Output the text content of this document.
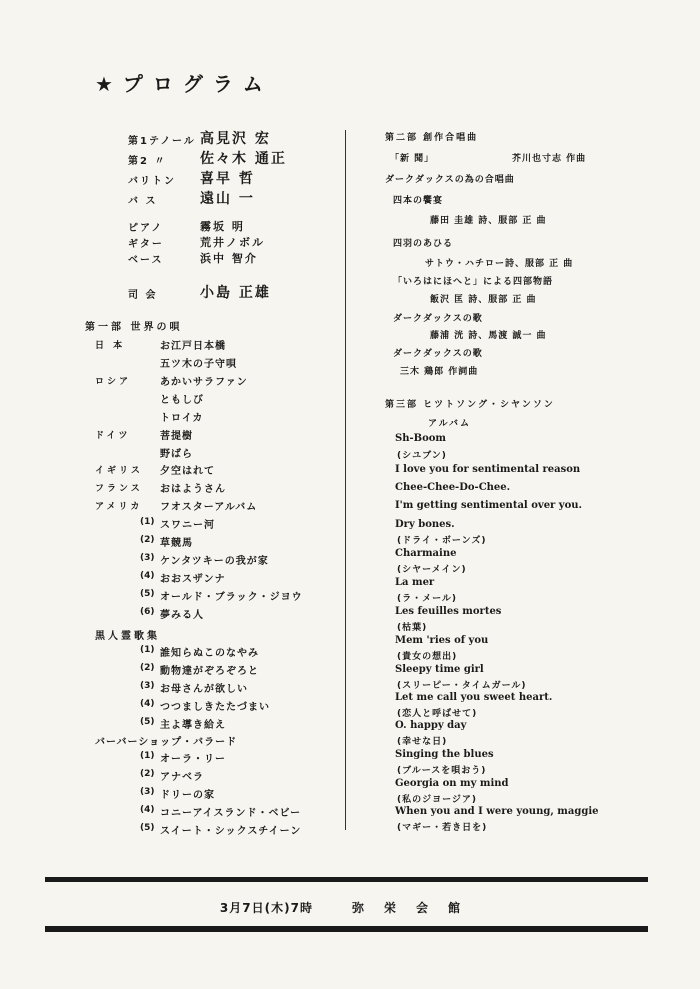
★プログラム
第1テノール 高見沢 宏
第2 〃 佐々木 通正
バリトン 喜早 哲
バ ス	遠山 一
ピアノ	霧坂 明
ギター	荒井ノボル
ベース	浜中 智介
司 会	小島 正雄
第一部 世界の唄
日 本	お江戸日本橋
五ツ木の子守唄
ロシア	あかいサラファン
ともしび
トロイカ
ドイツ	菩提樹
野ばら
イギリス 夕空はれて
フランス おはようさん
アメリカ フオスターアルバム
(1) スワニー河
(2) 草競馬
(3) ケンタツキーの我が家
(4) おおスザンナ
(5) オールド・ブラック・ジヨウ
(6) 夢みる人
黒人霊歌集
(1) 誰知らぬこのなやみ
(2) 動物達がぞろぞろと
(3) お母さんが欲しい
(4) つつましきたたづまい
(5) 主よ導き給え
バーバーショップ・バラード
(1) オーラ・リー
(2) アナベラ
(3) ドリーの家
(4) コニーアイスランド・ベビー
(5) スイート・シックスチイーン
第二部 創作合唱曲
「新 聞」	芥川也寸志 作曲
ダークダックスの為の合唱曲
四本の饗宴
藤田 圭雄 詩、服部 正 曲
四羽のあひる
サトウ・ハチロー詩、服部 正 曲
「いろはにほへと」による四部物語
飯沢 匡 詩、服部 正 曲
ダークダックスの歌
藤浦 洸 詩、馬渡 誠一 曲
ダークダックスの歌
三木 鶏郎 作詞曲
第三部 ヒツトソング・シヤンソン
アルバム
Sh-Boom
(シユブン)
I love you for sentimental reason
Chee-Chee-Do-Chee.
I'm getting sentimental over you.
Dry bones.
(ドライ・ボーンズ)
Charmaine
(シヤーメイン)
La mer
(ラ・メール)
Les feuilles mortes
(枯葉)
Mem 'ries of you
(貴女の想出)
Sleepy time girl
(スリーピー・タイムガール)
Let me call you sweet heart.
(恋人と呼ばせて)
O. happy day
(幸せな日)
Singing the blues
(ブルースを唄おう)
Georgia on my mind
(私のジヨージア)
When you and I were young, maggie
(マギー・若き日を)
3月7日(木)7時	弥栄会館
